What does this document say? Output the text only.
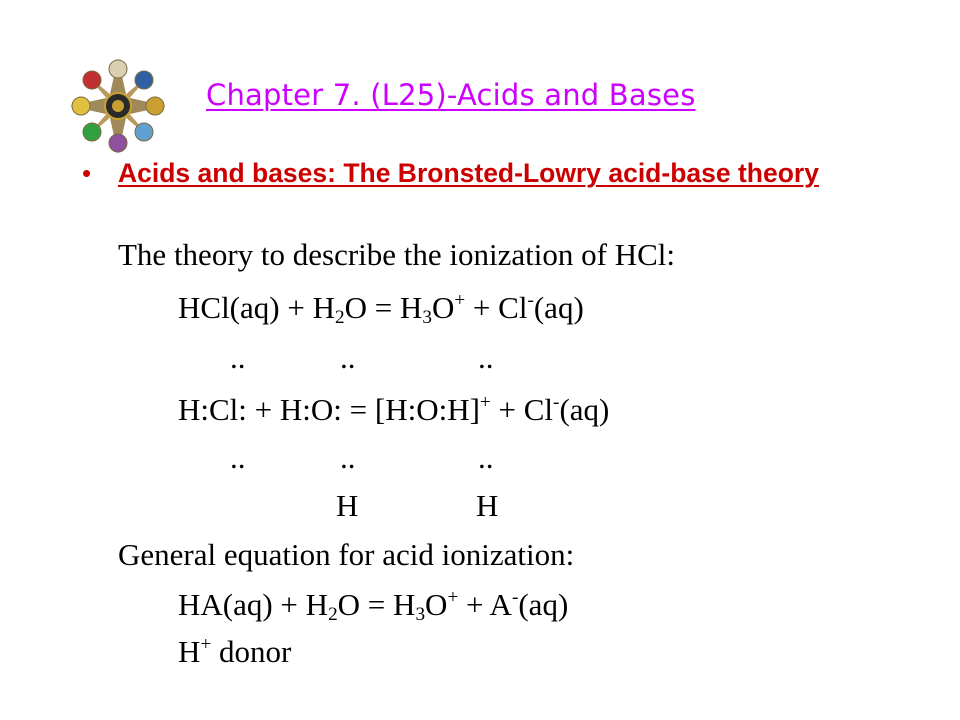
Chapter 7. (L25)-Acids and Bases
• Acids and bases: The Bronsted-Lowry acid-base theory
The theory to describe the ionization of HCl:
$HCl(aq) + H_2O = H_3O^+ + Cl^-(aq)$
..	..	..
H:Cl: + H:O: = [H:O:H]+ + Cl-(aq)
..	..	..
H	H
General equation for acid ionization:
$HA(aq) + H_2O = H_3O^+ + A^-(aq)$
H+ donor
